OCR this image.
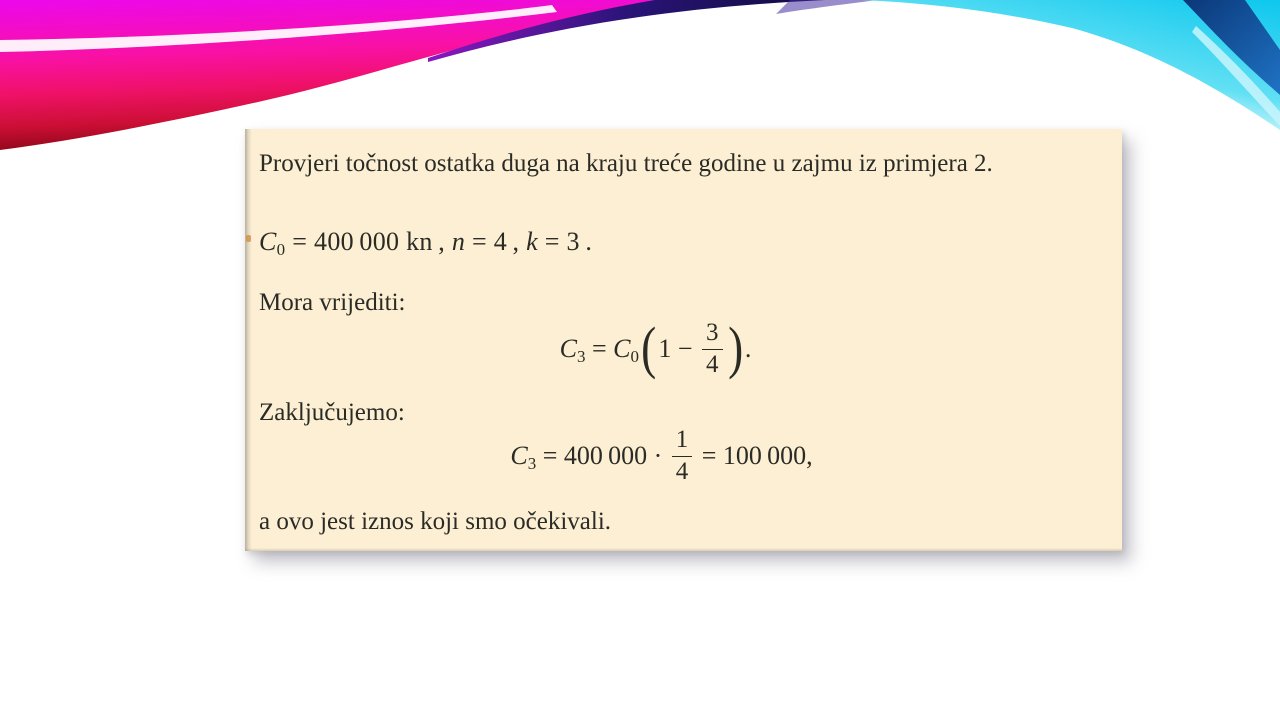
Provjeri točnost ostatka duga na kraju treće godine u zajmu iz primjera 2.
$C_0 = 400$ 000 kn , n = 4 , k = 3 .
Mora vrijediti:
$C_3 = C_0(1 - \frac{3}{4}$ ).
Zaključujemo:
$C_3 = 400$ $000 \cdot \frac{1}{4} = 100$ 000,
a ovo jest iznos koji smo očekivali.
